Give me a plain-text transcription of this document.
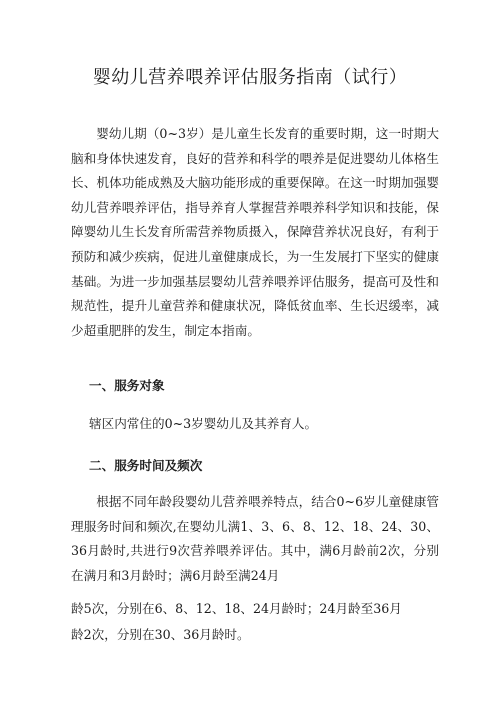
婴幼儿营养喂养评估服务指南（试行）

婴幼儿期（0~3岁）是儿童生长发育的重要时期，这一时期大脑和身体快速发育，良好的营养和科学的喂养是促进婴幼儿体格生长、机体功能成熟及大脑功能形成的重要保障。在这一时期加强婴幼儿营养喂养评估，指导养育人掌握营养喂养科学知识和技能，保障婴幼儿生长发育所需营养物质摄入，保障营养状况良好，有利于预防和减少疾病，促进儿童健康成长，为一生发展打下坚实的健康基础。为进一步加强基层婴幼儿营养喂养评估服务，提高可及性和规范性，提升儿童营养和健康状况，降低贫血率、生长迟缓率，减少超重肥胖的发生，制定本指南。

一、服务对象

辖区内常住的0~3岁婴幼儿及其养育人。

二、服务时间及频次

根据不同年龄段婴幼儿营养喂养特点，结合0~6岁儿童健康管理服务时间和频次,在婴幼儿满1、3、6、8、12、18、24、30、36月龄时,共进行9次营养喂养评估。其中，满6月龄前2次，分别在满月和3月龄时；满6月龄至满24月

龄5次，分别在6、8、12、18、24月龄时；24月龄至36月

龄2次，分别在30、36月龄时。
